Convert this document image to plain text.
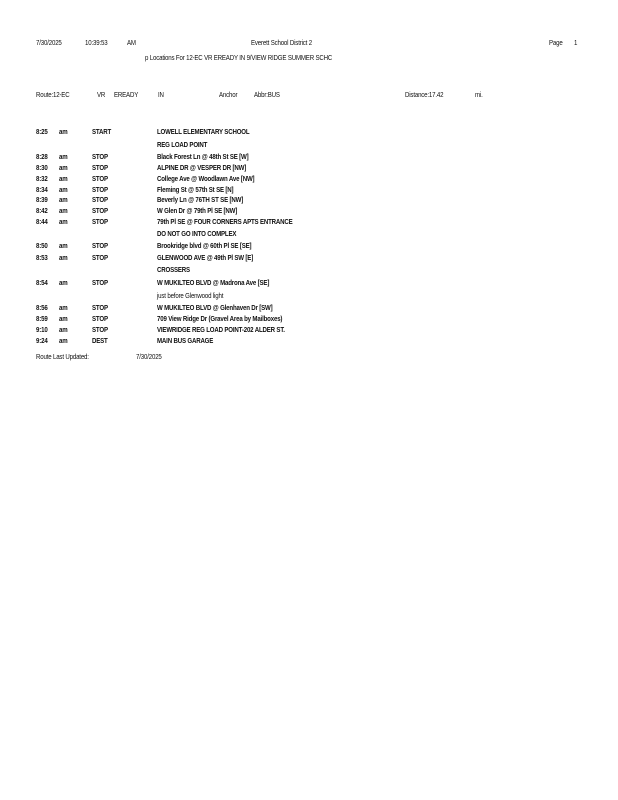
7/30/2025	10:39:53	AM	Everett School District 2	Page 1
p Locations For 12-EC VR EREADY IN 9/VIEW RIDGE SUMMER SCHC
Route:12-EC	VR EREADY	IN	Anchor Abbr:BUS	Distance:17.42	mi.
8:25 am	START	LOWELL ELEMENTARY SCHOOL
REG LOAD POINT
8:28 am	STOP	Black Forest Ln @ 48th St SE [W]
8:30 am	STOP	ALPINE DR @ VESPER DR [NW]
8:32 am	STOP	College Ave @ Woodlawn Ave [NW]
8:34 am	STOP	Fleming St @ 57th St SE [N]
8:39 am	STOP	Beverly Ln @ 76TH ST SE [NW]
8:42 am	STOP	W Glen Dr @ 79th Pl SE [NW]
8:44 am	STOP	79th Pl SE @ FOUR CORNERS APTS ENTRANCE
DO NOT GO INTO COMPLEX
8:50 am	STOP	Brookridge blvd @ 60th Pl SE [SE]
8:53 am	STOP	GLENWOOD AVE @ 49th Pl SW [E]
CROSSERS
8:54 am	STOP	W MUKILTEO BLVD @ Madrona Ave [SE]
just before Glenwood light
8:56 am	STOP	W MUKILTEO BLVD @ Glenhaven Dr [SW]
8:59 am	STOP	709 View Ridge Dr (Gravel Area by Mailboxes)
9:10 am	STOP	VIEWRIDGE REG LOAD POINT-202 ALDER ST.
9:24 am	DEST	MAIN BUS GARAGE
Route Last Updated:	7/30/2025
